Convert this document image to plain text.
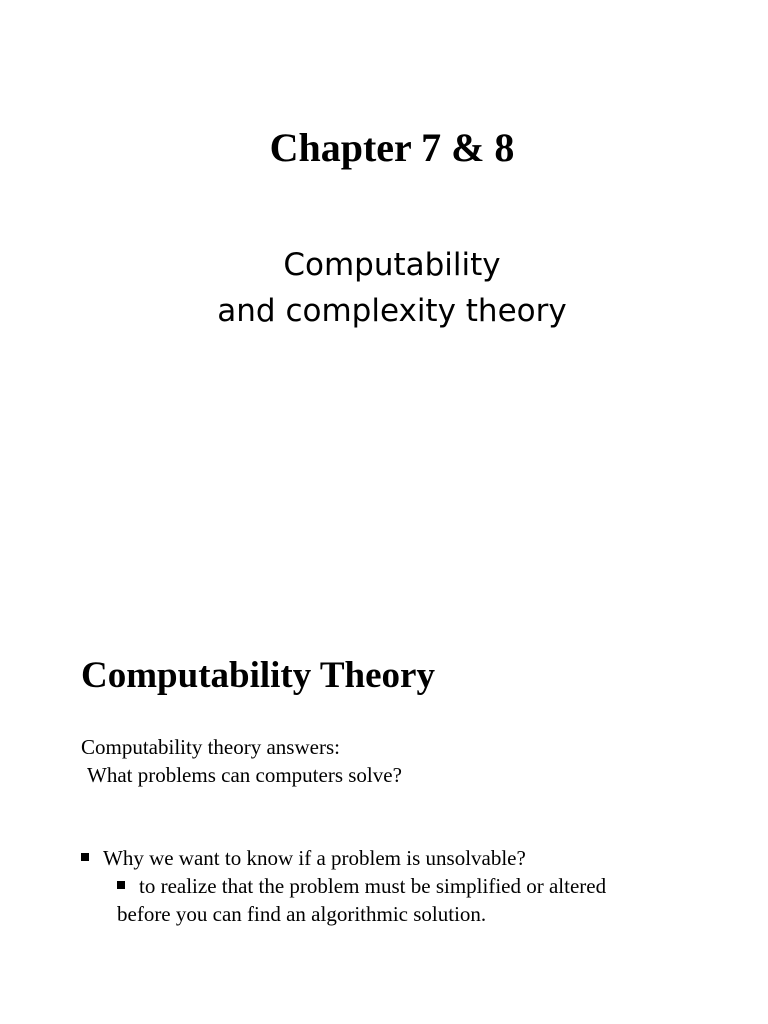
Chapter 7 & 8
Computability
and complexity theory
Computability Theory
Computability theory answers:
What problems can computers solve?
Why we want to know if a problem is unsolvable?
to realize that the problem must be simplified or altered
before you can find an algorithmic solution.
